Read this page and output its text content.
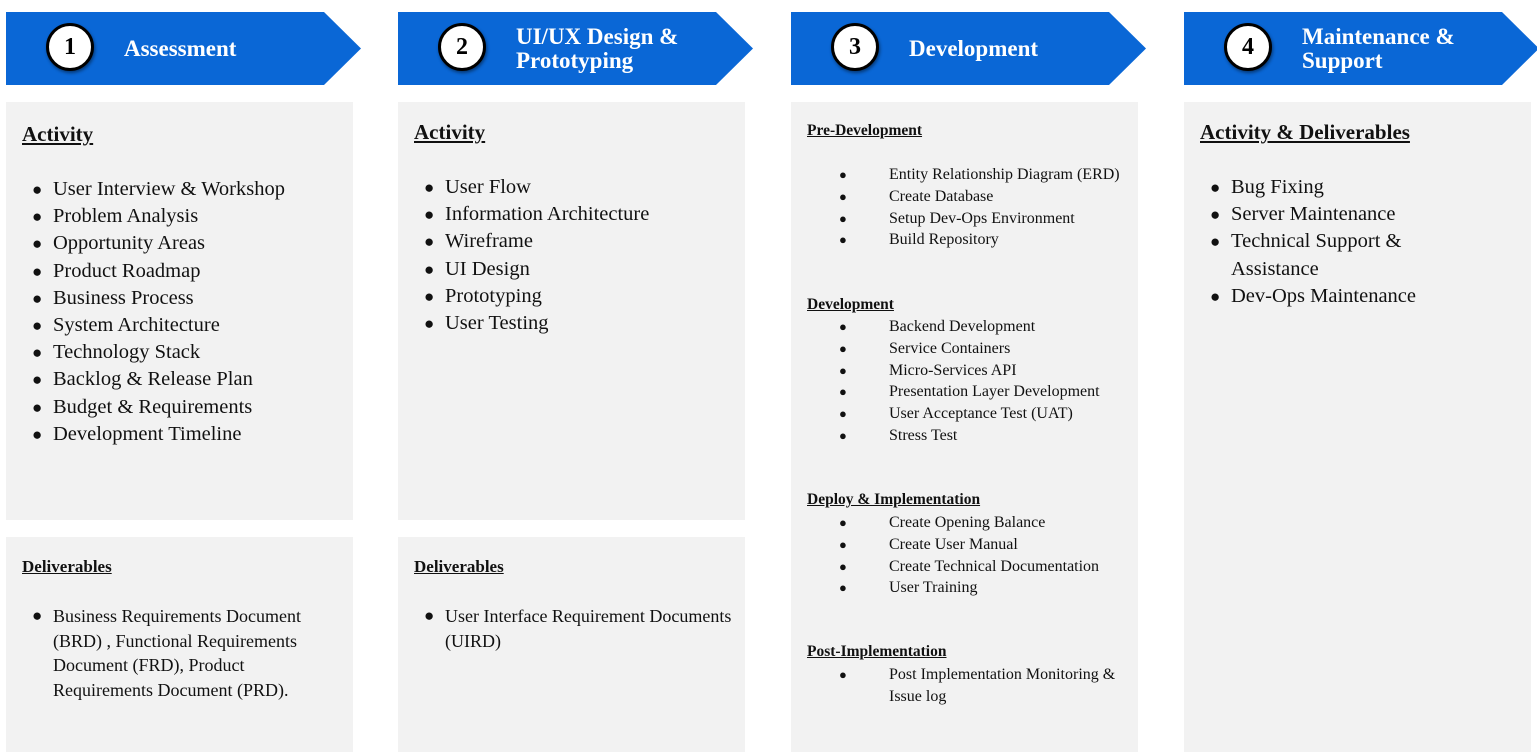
1	Assessment
Activity
● User Interview & Workshop
● Problem Analysis
● Opportunity Areas
● Product Roadmap
● Business Process
● System Architecture
● Technology Stack
● Backlog & Release Plan
● Budget & Requirements
● Development Timeline
Deliverables
● Business Requirements Document (BRD) , Functional Requirements Document (FRD), Product Requirements Document (PRD).
2	UI/UX Design &
Prototyping
Activity
● User Flow
● Information Architecture
● Wireframe
● UI Design
● Prototyping
● User Testing
Deliverables
● User Interface Requirement Documents (UIRD)
3	Development
Pre-Development
●	Entity Relationship Diagram (ERD)
●	Create Database
●	Setup Dev-Ops Environment
●	Build Repository
Development
●	Backend Development
●	Service Containers
●	Micro-Services API
●	Presentation Layer Development
●	User Acceptance Test (UAT)
●	Stress Test
Deploy & Implementation
●	Create Opening Balance
●	Create User Manual
●	Create Technical Documentation
●	User Training
Post-Implementation
●	Post Implementation Monitoring & Issue log
4	Maintenance &
Support
Activity & Deliverables
● Bug Fixing
● Server Maintenance
● Technical Support & Assistance
● Dev-Ops Maintenance
